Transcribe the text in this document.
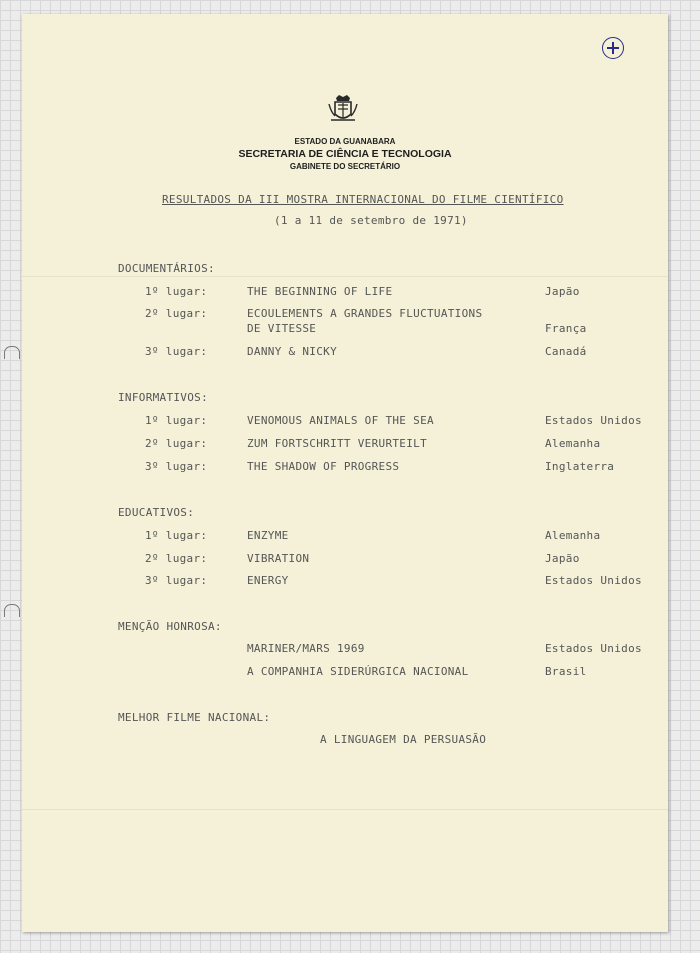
ESTADO DA GUANABARA
SECRETARIA DE CIÊNCIA E TECNOLOGIA
GABINETE DO SECRETÁRIO
RESULTADOS DA III MOSTRA INTERNACIONAL DO FILME CIENTÍFICO
(1 a 11 de setembro de 1971)
DOCUMENTÁRIOS:
1º lugar:	THE BEGINNING OF LIFE	Japão
2º lugar:	ECOULEMENTS A GRANDES FLUCTUATIONS
DE VITESSE	França
3º lugar:	DANNY & NICKY	Canadá
INFORMATIVOS:
1º lugar:	VENOMOUS ANIMALS OF THE SEA	Estados Unidos
2º lugar:	ZUM FORTSCHRITT VERURTEILT	Alemanha
3º lugar:	THE SHADOW OF PROGRESS	Inglaterra
EDUCATIVOS:
1º lugar:	ENZYME	Alemanha
2º lugar:	VIBRATION	Japão
3º lugar:	ENERGY	Estados Unidos
MENÇÃO HONROSA:
MARINER/MARS 1969	Estados Unidos
A COMPANHIA SIDERÚRGICA NACIONAL	Brasil
MELHOR FILME NACIONAL:
A LINGUAGEM DA PERSUASÃO
